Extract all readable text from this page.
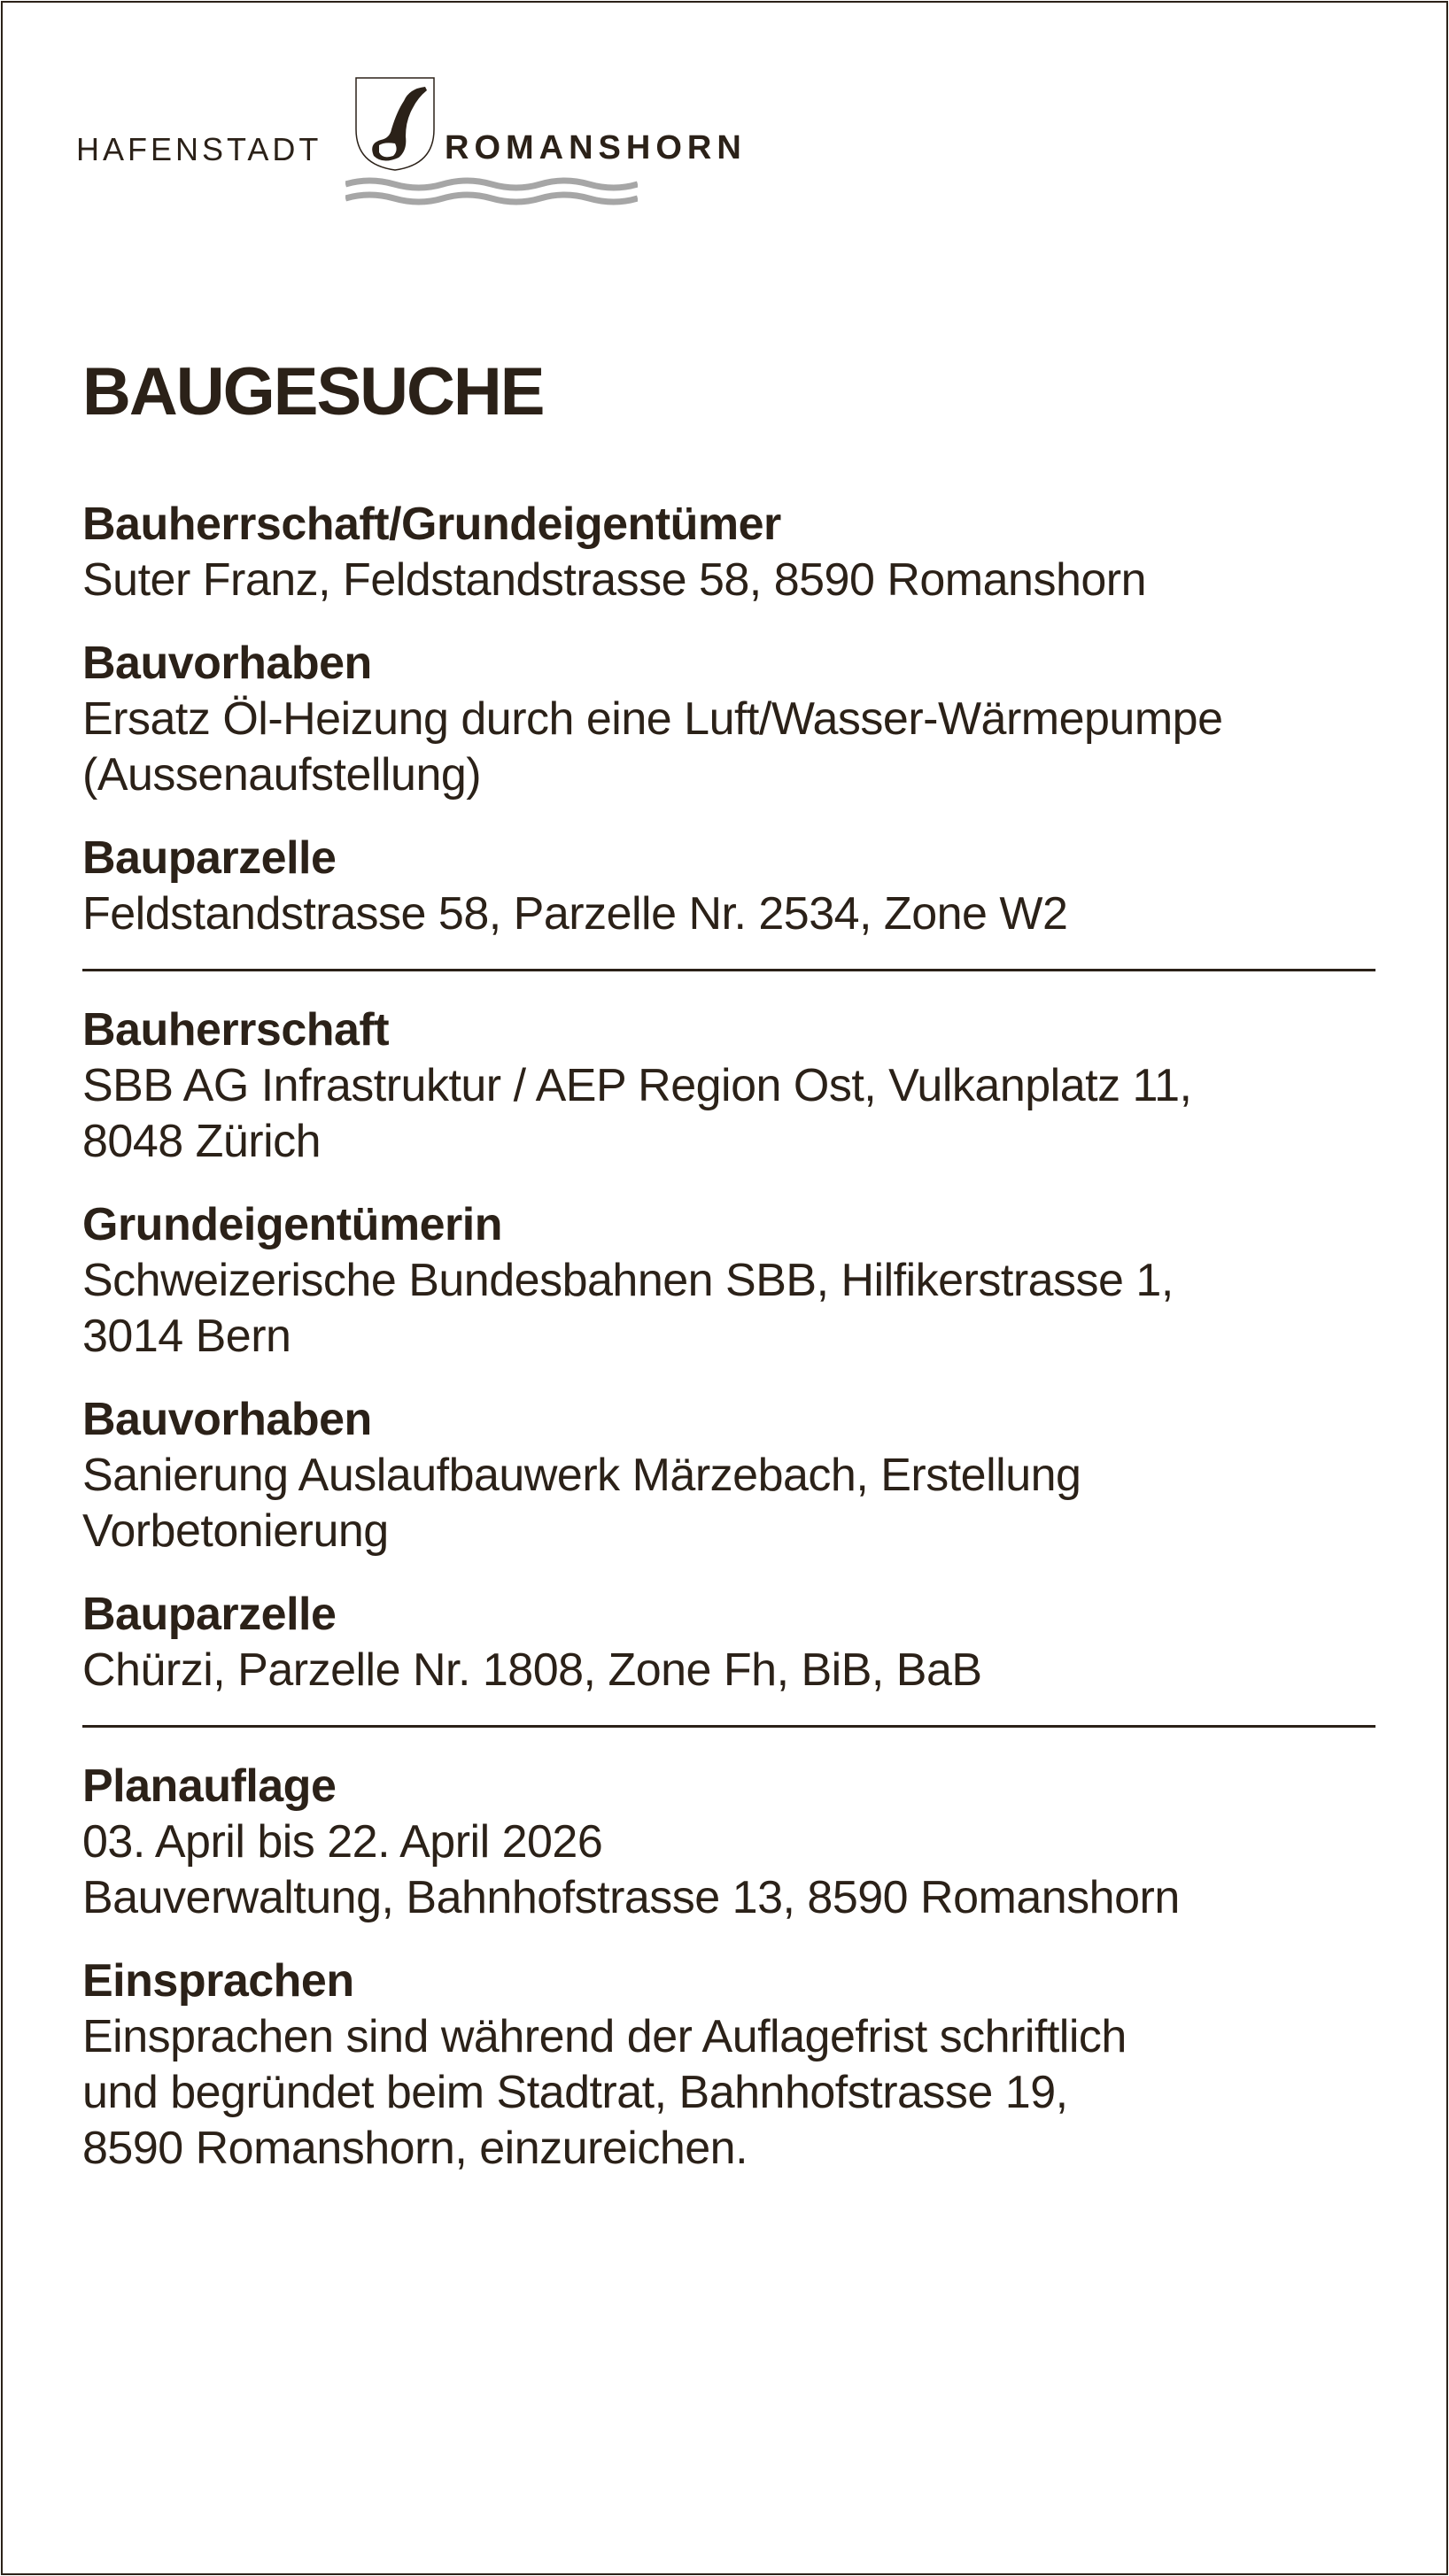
HAFENSTADT	ROMANSHORN
BAUGESUCHE
Bauherrschaft/Grundeigentümer
Suter Franz, Feldstandstrasse 58, 8590 Romanshorn
Bauvorhaben
Ersatz Öl-Heizung durch eine Luft/Wasser-Wärmepumpe
(Aussenaufstellung)
Bauparzelle
Feldstandstrasse 58, Parzelle Nr. 2534, Zone W2
Bauherrschaft
SBB AG Infrastruktur / AEP Region Ost, Vulkanplatz 11,
8048 Zürich
Grundeigentümerin
Schweizerische Bundesbahnen SBB, Hilfikerstrasse 1,
3014 Bern
Bauvorhaben
Sanierung Auslaufbauwerk Märzebach, Erstellung
Vorbetonierung
Bauparzelle
Chürzi, Parzelle Nr. 1808, Zone Fh, BiB, BaB
Planauflage
03. April bis 22. April 2026
Bauverwaltung, Bahnhofstrasse 13, 8590 Romanshorn
Einsprachen
Einsprachen sind während der Auflagefrist schriftlich
und begründet beim Stadtrat, Bahnhofstrasse 19,
8590 Romanshorn, einzureichen.
